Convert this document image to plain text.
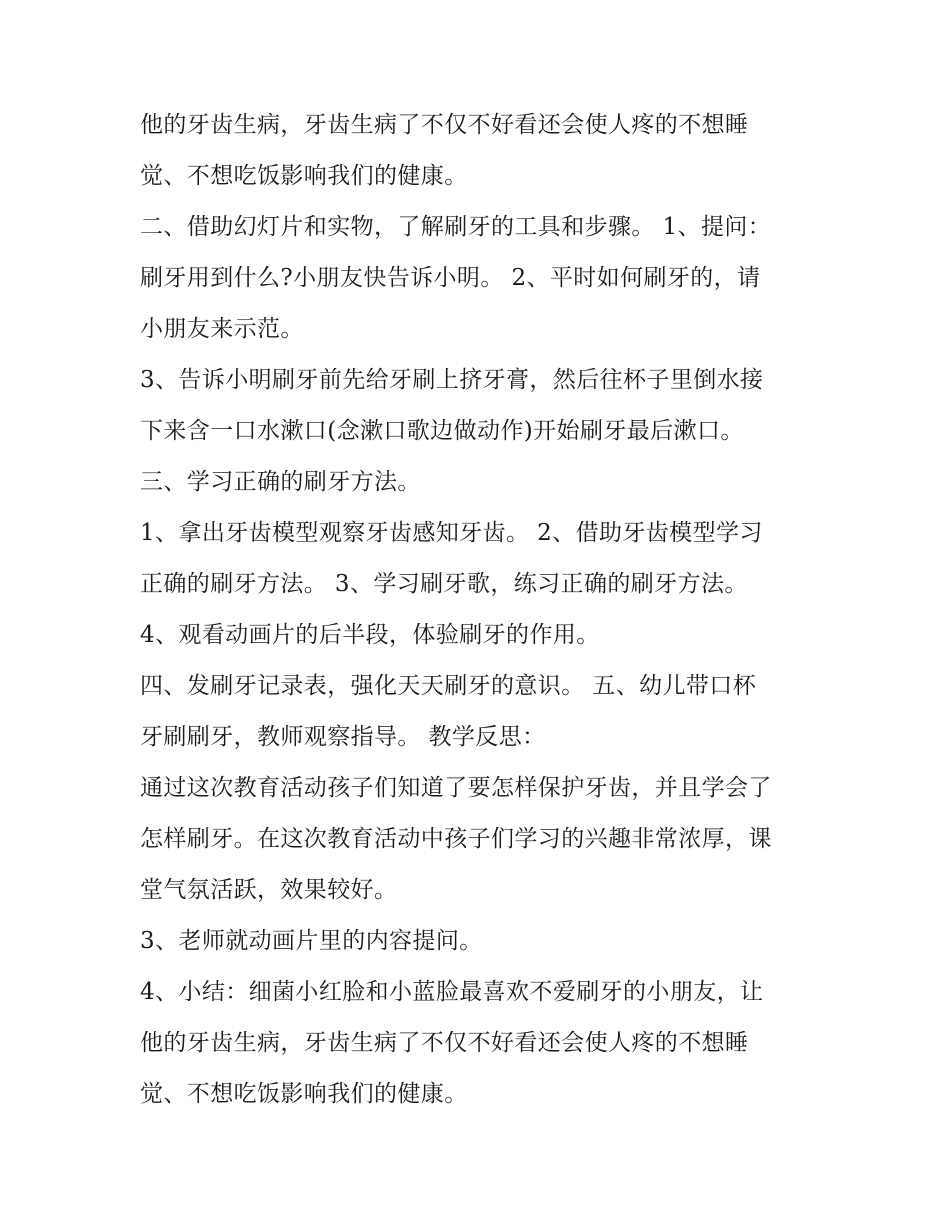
他的牙齿生病，牙齿生病了不仅不好看还会使人疼的不想睡
觉、不想吃饭影响我们的健康。
二、借助幻灯片和实物，了解刷牙的工具和步骤。 1、提问：
刷牙用到什么?小朋友快告诉小明。 2、平时如何刷牙的，请
小朋友来示范。
3、告诉小明刷牙前先给牙刷上挤牙膏，然后往杯子里倒水接
下来含一口水漱口(念漱口歌边做动作)开始刷牙最后漱口。
三、学习正确的刷牙方法。
1、拿出牙齿模型观察牙齿感知牙齿。 2、借助牙齿模型学习
正确的刷牙方法。 3、学习刷牙歌，练习正确的刷牙方法。
4、观看动画片的后半段，体验刷牙的作用。
四、发刷牙记录表，强化天天刷牙的意识。 五、幼儿带口杯
牙刷刷牙，教师观察指导。 教学反思：
通过这次教育活动孩子们知道了要怎样保护牙齿，并且学会了
怎样刷牙。在这次教育活动中孩子们学习的兴趣非常浓厚，课
堂气氛活跃，效果较好。
3、老师就动画片里的内容提问。
4、小结：细菌小红脸和小蓝脸最喜欢不爱刷牙的小朋友，让
他的牙齿生病，牙齿生病了不仅不好看还会使人疼的不想睡
觉、不想吃饭影响我们的健康。
